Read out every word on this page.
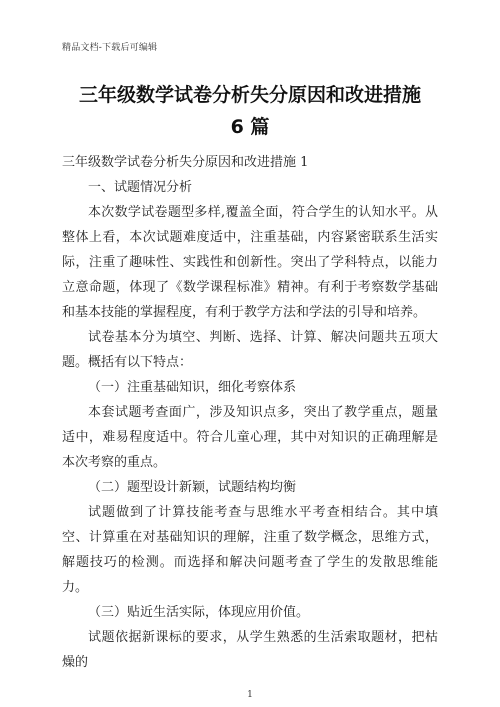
精品文档-下载后可编辑
三年级数学试卷分析失分原因和改进措施
6 篇

三年级数学试卷分析失分原因和改进措施 1

一、试题情况分析

本次数学试卷题型多样,覆盖全面，符合学生的认知水平。从整体上看，本次试题难度适中，注重基础，内容紧密联系生活实际，注重了趣味性、实践性和创新性。突出了学科特点，以能力立意命题，体现了《数学课程标准》精神。有利于考察数学基础和基本技能的掌握程度，有利于教学方法和学法的引导和培养。

试卷基本分为填空、判断、选择、计算、解决问题共五项大题。概括有以下特点：

（一）注重基础知识，细化考察体系

本套试题考查面广，涉及知识点多，突出了教学重点，题量适中，难易程度适中。符合儿童心理，其中对知识的正确理解是本次考察的重点。

（二）题型设计新颖，试题结构均衡

试题做到了计算技能考查与思维水平考查相结合。其中填空、计算重在对基础知识的理解，注重了数学概念，思维方式，解题技巧的检测。而选择和解决问题考查了学生的发散思维能力。

（三）贴近生活实际，体现应用价值。

试题依据新课标的要求，从学生熟悉的生活索取题材，把枯燥的

1
